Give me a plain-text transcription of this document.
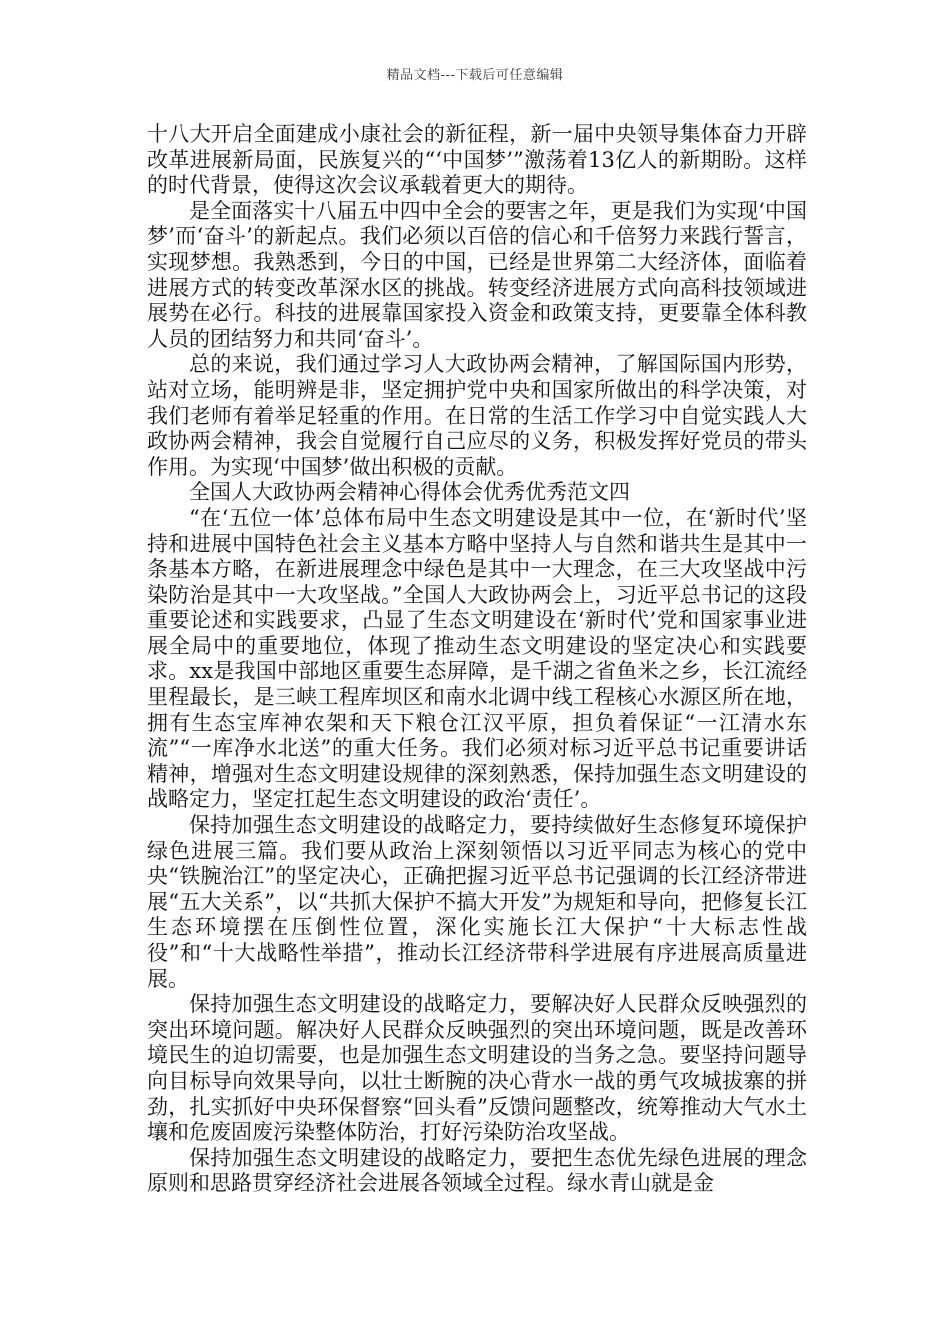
精品文档---下载后可任意编辑

十八大开启全面建成小康社会的新征程，新一届中央领导集体奋力开辟改革进展新局面，民族复兴的“‘中国梦’”激荡着13亿人的新期盼。这样的时代背景，使得这次会议承载着更大的期待。

是全面落实十八届五中四中全会的要害之年，更是我们为实现‘中国梦’而‘奋斗’的新起点。我们必须以百倍的信心和千倍努力来践行誓言，实现梦想。我熟悉到，今日的中国，已经是世界第二大经济体，面临着进展方式的转变改革深水区的挑战。转变经济进展方式向高科技领域进展势在必行。科技的进展靠国家投入资金和政策支持，更要靠全体科教人员的团结努力和共同‘奋斗’。

总的来说，我们通过学习人大政协两会精神，了解国际国内形势，站对立场，能明辨是非，坚定拥护党中央和国家所做出的科学决策，对我们老师有着举足轻重的作用。在日常的生活工作学习中自觉实践人大政协两会精神，我会自觉履行自己应尽的义务，积极发挥好党员的带头作用。为实现‘中国梦’做出积极的贡献。

全国人大政协两会精神心得体会优秀优秀范文四

“在‘五位一体’总体布局中生态文明建设是其中一位，在‘新时代’坚持和进展中国特色社会主义基本方略中坚持人与自然和谐共生是其中一条基本方略，在新进展理念中绿色是其中一大理念，在三大攻坚战中污染防治是其中一大攻坚战。”全国人大政协两会上，习近平总书记的这段重要论述和实践要求，凸显了生态文明建设在‘新时代’党和国家事业进展全局中的重要地位，体现了推动生态文明建设的坚定决心和实践要求。xx是我国中部地区重要生态屏障，是千湖之省鱼米之乡，长江流经里程最长，是三峡工程库坝区和南水北调中线工程核心水源区所在地，拥有生态宝库神农架和天下粮仓江汉平原，担负着保证“一江清水东流”“一库净水北送”的重大任务。我们必须对标习近平总书记重要讲话精神，增强对生态文明建设规律的深刻熟悉，保持加强生态文明建设的战略定力，坚定扛起生态文明建设的政治‘责任’。

保持加强生态文明建设的战略定力，要持续做好生态修复环境保护绿色进展三篇。我们要从政治上深刻领悟以习近平同志为核心的党中央“铁腕治江”的坚定决心，正确把握习近平总书记强调的长江经济带进展“五大关系”，以“共抓大保护不搞大开发”为规矩和导向，把修复长江生态环境摆在压倒性位置，深化实施长江大保护“十大标志性战役”和“十大战略性举措”，推动长江经济带科学进展有序进展高质量进展。

保持加强生态文明建设的战略定力，要解决好人民群众反映强烈的突出环境问题。解决好人民群众反映强烈的突出环境问题，既是改善环境民生的迫切需要，也是加强生态文明建设的当务之急。要坚持问题导向目标导向效果导向，以壮士断腕的决心背水一战的勇气攻城拔寨的拼劲，扎实抓好中央环保督察“回头看”反馈问题整改，统筹推动大气水土壤和危废固废污染整体防治，打好污染防治攻坚战。

保持加强生态文明建设的战略定力，要把生态优先绿色进展的理念原则和思路贯穿经济社会进展各领域全过程。绿水青山就是金
